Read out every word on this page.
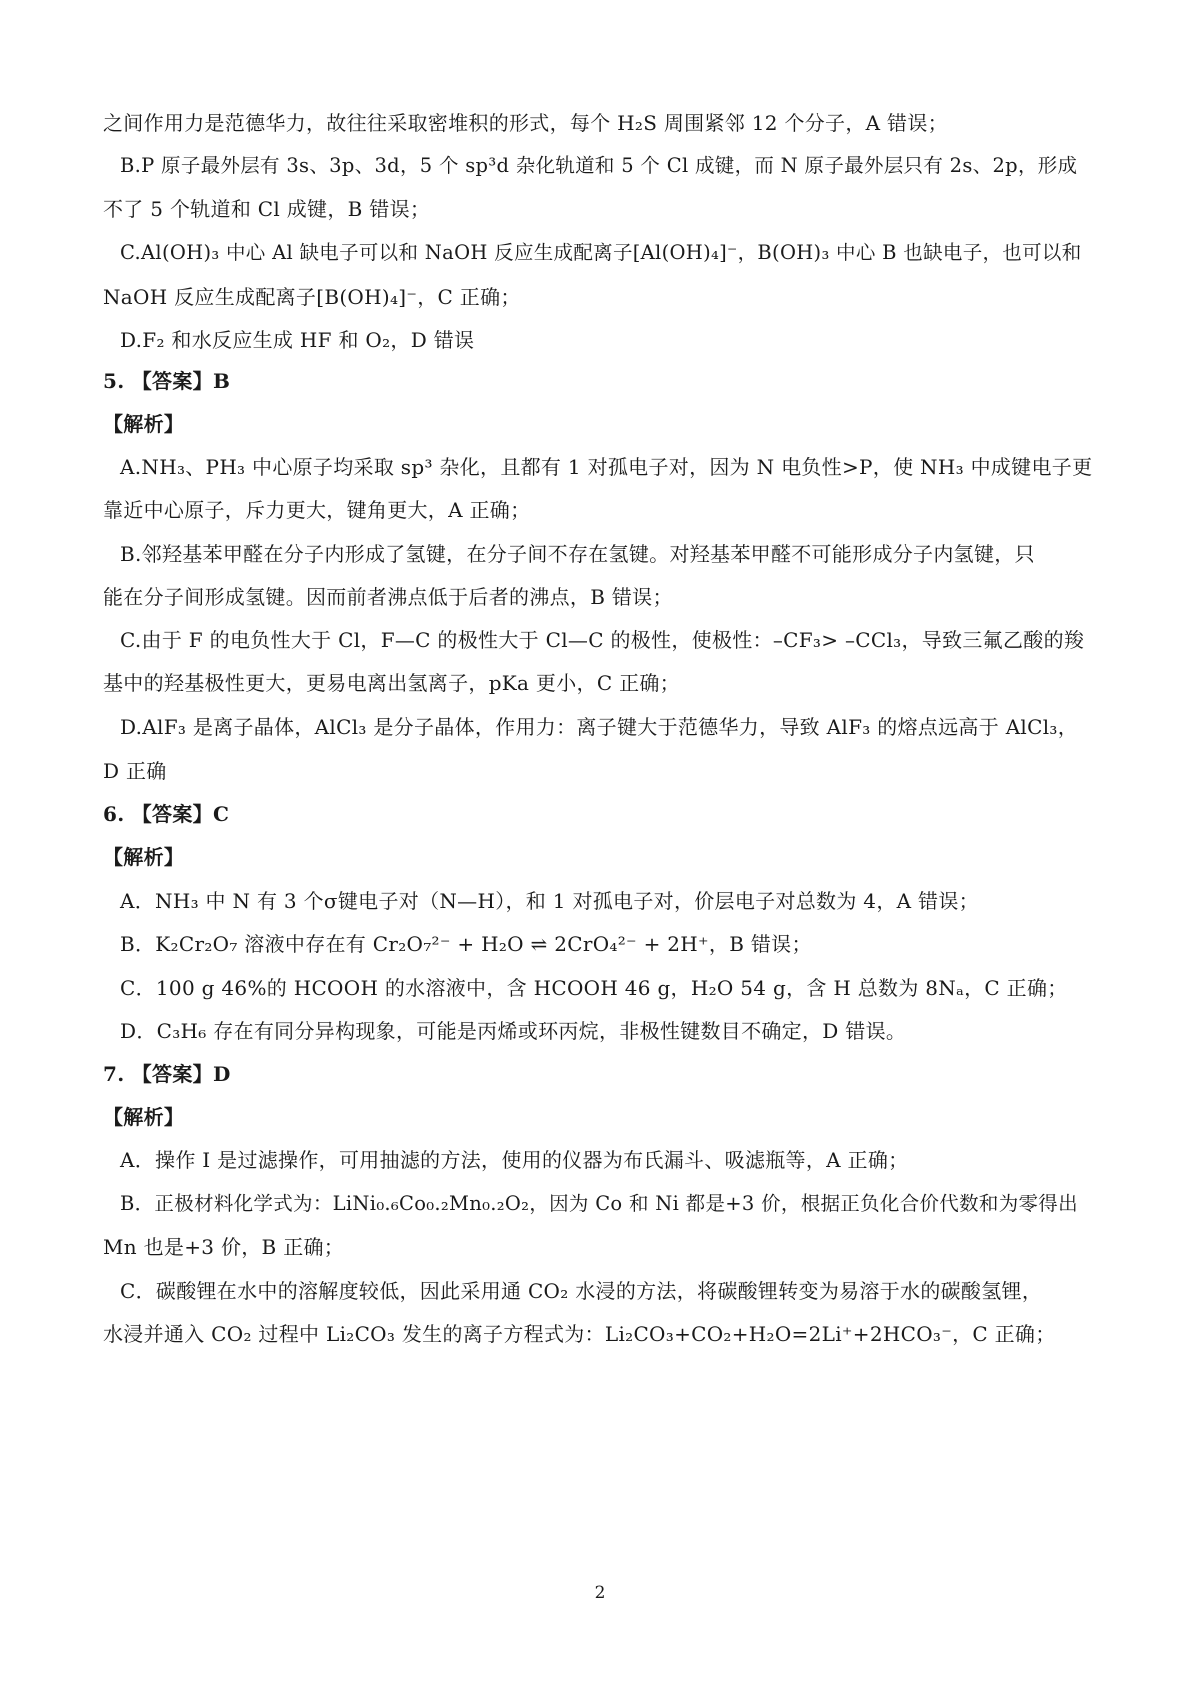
之间作用力是范德华力，故往往采取密堆积的形式，每个 H₂S 周围紧邻 12 个分子，A 错误；
B.P 原子最外层有 3s、3p、3d，5 个 sp³d 杂化轨道和 5 个 Cl 成键，而 N 原子最外层只有 2s、2p，形成
不了 5 个轨道和 Cl 成键，B 错误；
C.Al(OH)₃ 中心 Al 缺电子可以和 NaOH 反应生成配离子[Al(OH)₄]⁻，B(OH)₃ 中心 B 也缺电子，也可以和
NaOH 反应生成配离子[B(OH)₄]⁻，C 正确；
D.F₂ 和水反应生成 HF 和 O₂，D 错误
5. 【答案】B
【解析】
A.NH₃、PH₃ 中心原子均采取 sp³ 杂化，且都有 1 对孤电子对，因为 N 电负性>P，使 NH₃ 中成键电子更
靠近中心原子，斥力更大，键角更大，A 正确；
B.邻羟基苯甲醛在分子内形成了氢键，在分子间不存在氢键。对羟基苯甲醛不可能形成分子内氢键，只
能在分子间形成氢键。因而前者沸点低于后者的沸点，B 错误；
C.由于 F 的电负性大于 Cl，F—C 的极性大于 Cl—C 的极性，使极性：–CF₃> –CCl₃，导致三氟乙酸的羧
基中的羟基极性更大，更易电离出氢离子，pKa 更小，C 正确；
D.AlF₃ 是离子晶体，AlCl₃ 是分子晶体，作用力：离子键大于范德华力，导致 AlF₃ 的熔点远高于 AlCl₃，
D 正确
6. 【答案】C
【解析】
A．NH₃ 中 N 有 3 个σ键电子对（N—H），和 1 对孤电子对，价层电子对总数为 4，A 错误；
B．K₂Cr₂O₇ 溶液中存在有 Cr₂O₇²⁻ + H₂O ⇌ 2CrO₄²⁻ + 2H⁺，B 错误；
C．100 g 46%的 HCOOH 的水溶液中，含 HCOOH 46 g，H₂O 54 g，含 H 总数为 8Nₐ，C 正确；
D．C₃H₆ 存在有同分异构现象，可能是丙烯或环丙烷，非极性键数目不确定，D 错误。
7. 【答案】D
【解析】
A．操作 I 是过滤操作，可用抽滤的方法，使用的仪器为布氏漏斗、吸滤瓶等，A 正确；
B．正极材料化学式为：LiNi₀.₆Co₀.₂Mn₀.₂O₂，因为 Co 和 Ni 都是+3 价，根据正负化合价代数和为零得出
Mn 也是+3 价，B 正确；
C．碳酸锂在水中的溶解度较低，因此采用通 CO₂ 水浸的方法，将碳酸锂转变为易溶于水的碳酸氢锂，
水浸并通入 CO₂ 过程中 Li₂CO₃ 发生的离子方程式为：Li₂CO₃+CO₂+H₂O=2Li⁺+2HCO₃⁻，C 正确；
2
